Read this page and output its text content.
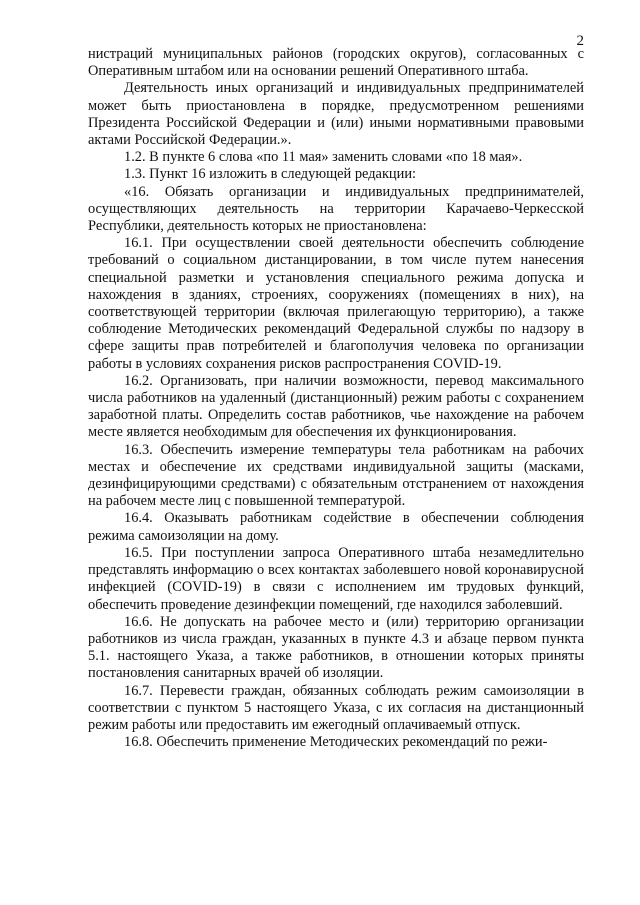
2

нистраций муниципальных районов (городских округов), согласованных с Оперативным штабом или на основании решений Оперативного штаба.

Деятельность иных организаций и индивидуальных предпринимателей может быть приостановлена в порядке, предусмотренном решениями Президента Российской Федерации и (или) иными нормативными правовыми актами Российской Федерации.».

1.2. В пункте 6 слова «по 11 мая» заменить словами «по 18 мая».

1.3. Пункт 16 изложить в следующей редакции:

«16. Обязать организации и индивидуальных предпринимателей, осуществляющих деятельность на территории Карачаево-Черкесской Республики, деятельность которых не приостановлена:

16.1. При осуществлении своей деятельности обеспечить соблюдение требований о социальном дистанцировании, в том числе путем нанесения специальной разметки и установления специального режима допуска и нахождения в зданиях, строениях, сооружениях (помещениях в них), на соответствующей территории (включая прилегающую территорию), а также соблюдение Методических рекомендаций Федеральной службы по надзору в сфере защиты прав потребителей и благополучия человека по организации работы в условиях сохранения рисков распространения COVID-19.

16.2. Организовать, при наличии возможности, перевод максимального числа работников на удаленный (дистанционный) режим работы с сохранением заработной платы. Определить состав работников, чье нахождение на рабочем месте является необходимым для обеспечения их функционирования.

16.3. Обеспечить измерение температуры тела работникам на рабочих местах и обеспечение их средствами индивидуальной защиты (масками, дезинфицирующими средствами) с обязательным отстранением от нахождения на рабочем месте лиц с повышенной температурой.

16.4. Оказывать работникам содействие в обеспечении соблюдения режима самоизоляции на дому.

16.5. При поступлении запроса Оперативного штаба незамедлительно представлять информацию о всех контактах заболевшего новой коронавирусной инфекцией (COVID-19) в связи с исполнением им трудовых функций, обеспечить проведение дезинфекции помещений, где находился заболевший.

16.6. Не допускать на рабочее место и (или) территорию организации работников из числа граждан, указанных в пункте 4.3 и абзаце первом пункта 5.1. настоящего Указа, а также работников, в отношении которых приняты постановления санитарных врачей об изоляции.

16.7. Перевести граждан, обязанных соблюдать режим самоизоляции в соответствии с пунктом 5 настоящего Указа, с их согласия на дистанционный режим работы или предоставить им ежегодный оплачиваемый отпуск.

16.8. Обеспечить применение Методических рекомендаций по режи-
